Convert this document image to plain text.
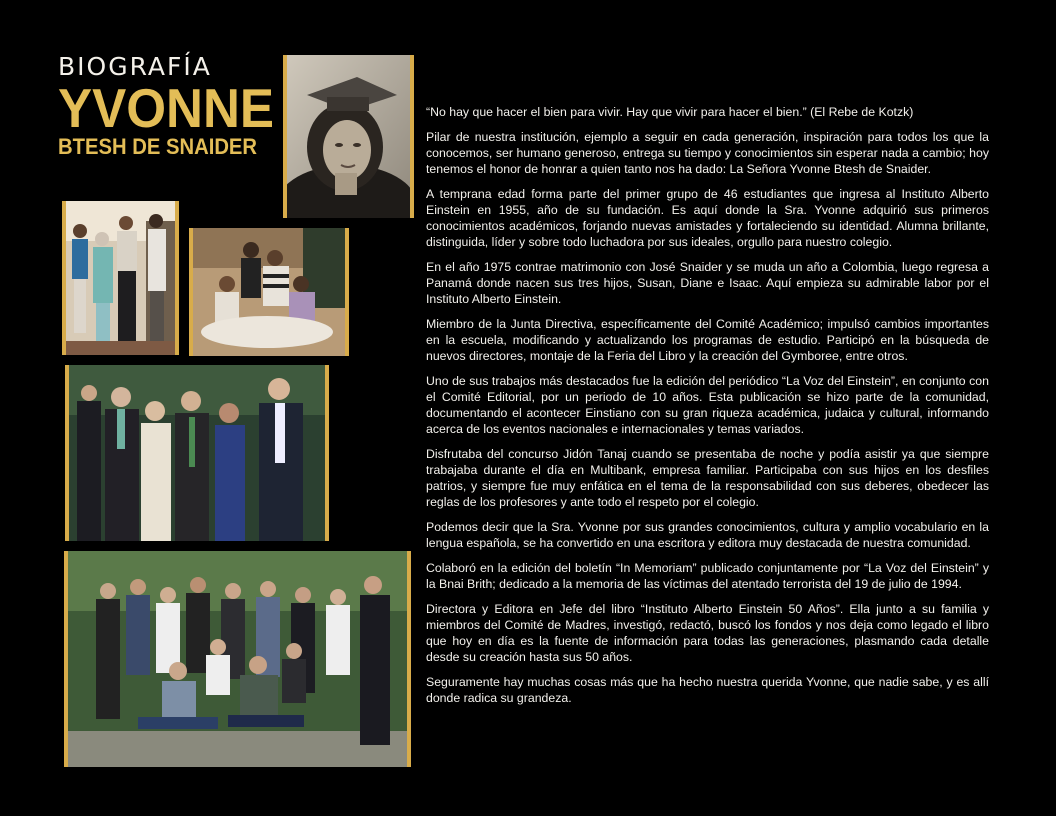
BIOGRAFÍA
YVONNE
BTESH DE SNAIDER

“No hay que hacer el bien para vivir. Hay que vivir para hacer el bien.” (El Rebe de Kotzk)

Pilar de nuestra institución, ejemplo a seguir en cada generación, inspiración para todos los que la conocemos, ser humano generoso, entrega su tiempo y conocimientos sin esperar nada a cambio; hoy tenemos el honor de honrar a quien tanto nos ha dado: La Señora Yvonne Btesh de Snaider.

A temprana edad forma parte del primer grupo de 46 estudiantes que ingresa al Instituto Alberto Einstein en 1955, año de su fundación. Es aquí donde la Sra. Yvonne adquirió sus primeros conocimientos académicos, forjando nuevas amistades y fortaleciendo su identidad. Alumna brillante, distinguida, líder y sobre todo luchadora por sus ideales, orgullo para nuestro colegio.

En el año 1975 contrae matrimonio con José Snaider y se muda un año a Colombia, luego regresa a Panamá donde nacen sus tres hijos, Susan, Diane e Isaac. Aquí empieza su admirable labor por el Instituto Alberto Einstein.

Miembro de la Junta Directiva, específicamente del Comité Académico; impulsó cambios importantes en la escuela, modificando y actualizando los programas de estudio. Participó en la búsqueda de nuevos directores, montaje de la Feria del Libro y la creación del Gymboree, entre otros.

Uno de sus trabajos más destacados fue la edición del periódico “La Voz del Einstein”, en conjunto con el Comité Editorial, por un periodo de 10 años. Esta publicación se hizo parte de la comunidad, documentando el acontecer Einstiano con su gran riqueza académica, judaica y cultural, informando acerca de los eventos nacionales e internacionales y temas variados.

Disfrutaba del concurso Jidón Tanaj cuando se presentaba de noche y podía asistir ya que siempre trabajaba durante el día en Multibank, empresa familiar. Participaba con sus hijos en los desfiles patrios, y siempre fue muy enfática en el tema de la responsabilidad con sus deberes, obedecer las reglas de los profesores y ante todo el respeto por el colegio.

Podemos decir que la Sra. Yvonne por sus grandes conocimientos, cultura y amplio vocabulario en la lengua española, se ha convertido en una escritora y editora muy destacada de nuestra comunidad.

Colaboró en la edición del boletín “In Memoriam” publicado conjuntamente por “La Voz del Einstein” y la Bnai Brith; dedicado a la memoria de las víctimas del atentado terrorista del 19 de julio de 1994.

Directora y Editora en Jefe del libro “Instituto Alberto Einstein 50 Años”. Ella junto a su familia y miembros del Comité de Madres, investigó, redactó, buscó los fondos y nos deja como legado el libro que hoy en día es la fuente de información para todas las generaciones, plasmando cada detalle desde su creación hasta sus 50 años.

Seguramente hay muchas cosas más que ha hecho nuestra querida Yvonne, que nadie sabe, y es allí donde radica su grandeza.
